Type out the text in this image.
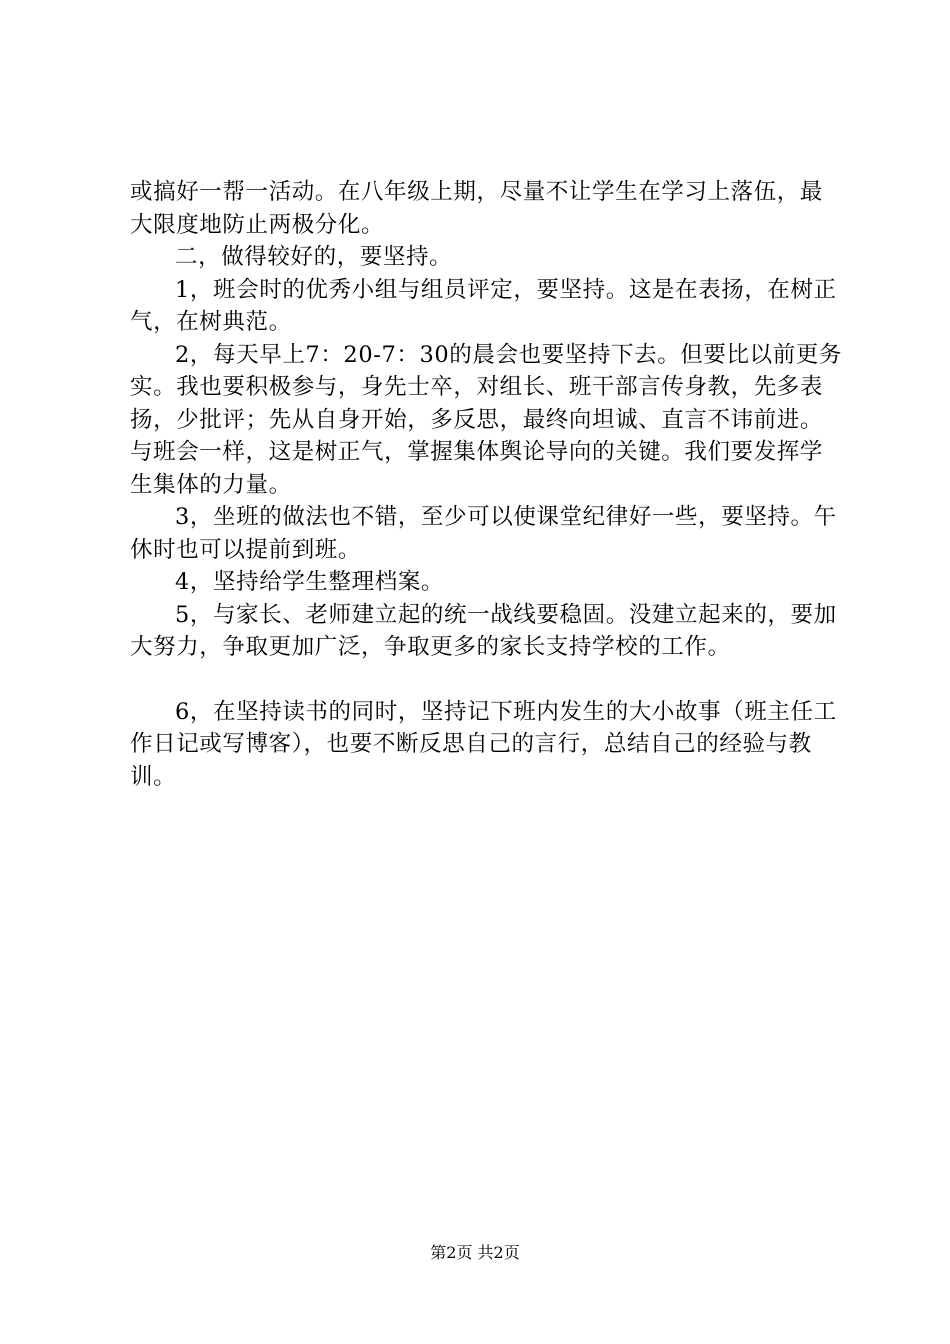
或搞好一帮一活动。在八年级上期，尽量不让学生在学习上落伍，最大限度地防止两极分化。

二，做得较好的，要坚持。

1，班会时的优秀小组与组员评定，要坚持。这是在表扬，在树正气，在树典范。

2，每天早上7：20-7：30的晨会也要坚持下去。但要比以前更务实。我也要积极参与，身先士卒，对组长、班干部言传身教，先多表扬，少批评；先从自身开始，多反思，最终向坦诚、直言不讳前进。与班会一样，这是树正气，掌握集体舆论导向的关键。我们要发挥学生集体的力量。

3，坐班的做法也不错，至少可以使课堂纪律好一些，要坚持。午休时也可以提前到班。

4，坚持给学生整理档案。

5，与家长、老师建立起的统一战线要稳固。没建立起来的，要加大努力，争取更加广泛，争取更多的家长支持学校的工作。

6，在坚持读书的同时，坚持记下班内发生的大小故事（班主任工作日记或写博客），也要不断反思自己的言行，总结自己的经验与教训。

第2页 共2页
